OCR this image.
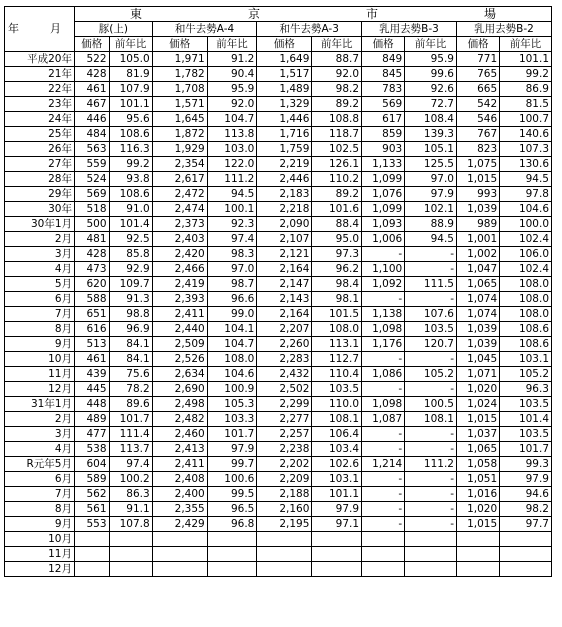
年　月	東 京 市 場									
	豚(上)		和牛去勢A-4		和牛去勢A-3		乳用去勢B-3		乳用去勢B-2	
	価格	前年比	価格	前年比	価格	前年比	価格	前年比	価格	前年比
平成20年	522	105.0	1,971	91.2	1,649	88.7	849	95.9	771	101.1
21年	428	81.9	1,782	90.4	1,517	92.0	845	99.6	765	99.2
22年	461	107.9	1,708	95.9	1,489	98.2	783	92.6	665	86.9
23年	467	101.1	1,571	92.0	1,329	89.2	569	72.7	542	81.5
24年	446	95.6	1,645	104.7	1,446	108.8	617	108.4	546	100.7
25年	484	108.6	1,872	113.8	1,716	118.7	859	139.3	767	140.6
26年	563	116.3	1,929	103.0	1,759	102.5	903	105.1	823	107.3
27年	559	99.2	2,354	122.0	2,219	126.1	1,133	125.5	1,075	130.6
28年	524	93.8	2,617	111.2	2,446	110.2	1,099	97.0	1,015	94.5
29年	569	108.6	2,472	94.5	2,183	89.2	1,076	97.9	993	97.8
30年	518	91.0	2,474	100.1	2,218	101.6	1,099	102.1	1,039	104.6
30年1月	500	101.4	2,373	92.3	2,090	88.4	1,093	88.9	989	100.0
2月	481	92.5	2,403	97.4	2,107	95.0	1,006	94.5	1,001	102.4
3月	428	85.8	2,420	98.3	2,121	97.3	-	-	1,002	106.0
4月	473	92.9	2,466	97.0	2,164	96.2	1,100	-	1,047	102.4
5月	620	109.7	2,419	98.7	2,147	98.4	1,092	111.5	1,065	108.0
6月	588	91.3	2,393	96.6	2,143	98.1	-	-	1,074	108.0
7月	651	98.8	2,411	99.0	2,164	101.5	1,138	107.6	1,074	108.0
8月	616	96.9	2,440	104.1	2,207	108.0	1,098	103.5	1,039	108.6
9月	513	84.1	2,509	104.7	2,260	113.1	1,176	120.7	1,039	108.6
10月	461	84.1	2,526	108.0	2,283	112.7	-	-	1,045	103.1
11月	439	75.6	2,634	104.6	2,432	110.4	1,086	105.2	1,071	105.2
12月	445	78.2	2,690	100.9	2,502	103.5	-	-	1,020	96.3
31年1月	448	89.6	2,498	105.3	2,299	110.0	1,098	100.5	1,024	103.5
2月	489	101.7	2,482	103.3	2,277	108.1	1,087	108.1	1,015	101.4
3月	477	111.4	2,460	101.7	2,257	106.4	-	-	1,037	103.5
4月	538	113.7	2,413	97.9	2,238	103.4	-	-	1,065	101.7
R元年5月	604	97.4	2,411	99.7	2,202	102.6	1,214	111.2	1,058	99.3
6月	589	100.2	2,408	100.6	2,209	103.1	-	-	1,051	97.9
7月	562	86.3	2,400	99.5	2,188	101.1	-	-	1,016	94.6
8月	561	91.1	2,355	96.5	2,160	97.9	-	-	1,020	98.2
9月	553	107.8	2,429	96.8	2,195	97.1	-	-	1,015	97.7
10月										
11月										
12月										
